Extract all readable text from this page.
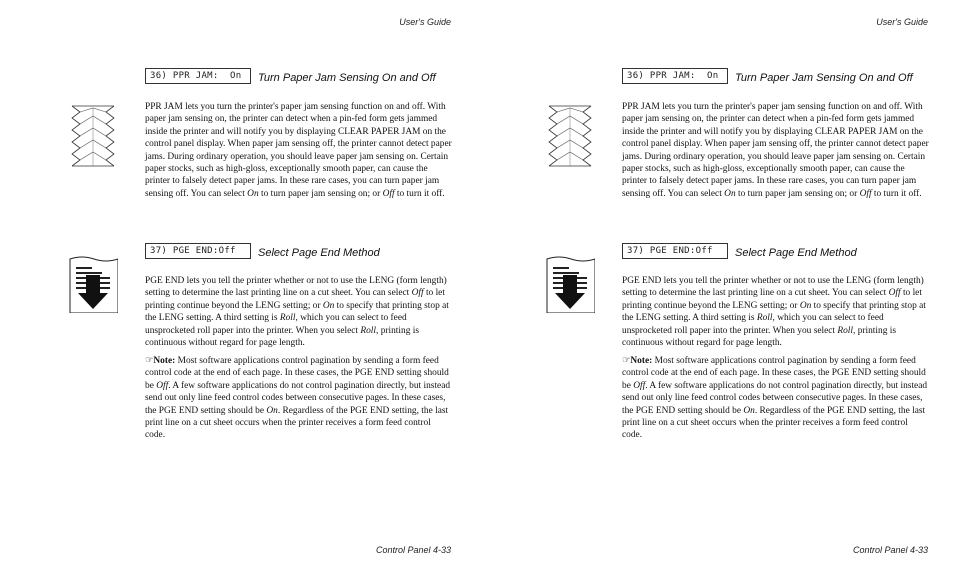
User's Guide
36) PPR JAM:  On	Turn Paper Jam Sensing On and Off

PPR JAM lets you turn the printer's paper jam sensing function on and off. With paper jam sensing on, the printer can detect when a pin-fed form gets jammed inside the printer and will notify you by displaying CLEAR PAPER JAM on the control panel display. When paper jam sensing off, the printer cannot detect paper jams. During ordinary operation, you should leave paper jam sensing on. Certain paper stocks, such as high-gloss, exceptionally smooth paper, can cause the printer to falsely detect paper jams. In these rare cases, you can turn paper jam sensing off. You can select On to turn paper jam sensing on; or Off to turn it off.

37) PGE END:Off	Select Page End Method

PGE END lets you tell the printer whether or not to use the LENG (form length) setting to determine the last printing line on a cut sheet. You can select Off to let printing continue beyond the LENG setting; or On to specify that printing stop at the LENG setting. A third setting is Roll, which you can select to feed unsprocketed roll paper into the printer. When you select Roll, printing is continuous without regard for page length.

☞Note: Most software applications control pagination by sending a form feed control code at the end of each page. In these cases, the PGE END setting should be Off. A few software applications do not control pagination directly, but instead send out only line feed control codes between consecutive pages. In these cases, the PGE END setting should be On. Regardless of the PGE END setting, the last print line on a cut sheet occurs when the printer receives a form feed control code.

Control Panel 4-33
User's Guide
36) PPR JAM:  On	Turn Paper Jam Sensing On and Off

PPR JAM lets you turn the printer's paper jam sensing function on and off. With paper jam sensing on, the printer can detect when a pin-fed form gets jammed inside the printer and will notify you by displaying CLEAR PAPER JAM on the control panel display. When paper jam sensing off, the printer cannot detect paper jams. During ordinary operation, you should leave paper jam sensing on. Certain paper stocks, such as high-gloss, exceptionally smooth paper, can cause the printer to falsely detect paper jams. In these rare cases, you can turn paper jam sensing off. You can select On to turn paper jam sensing on; or Off to turn it off.

37) PGE END:Off	Select Page End Method

PGE END lets you tell the printer whether or not to use the LENG (form length) setting to determine the last printing line on a cut sheet. You can select Off to let printing continue beyond the LENG setting; or On to specify that printing stop at the LENG setting. A third setting is Roll, which you can select to feed unsprocketed roll paper into the printer. When you select Roll, printing is continuous without regard for page length.

☞Note: Most software applications control pagination by sending a form feed control code at the end of each page. In these cases, the PGE END setting should be Off. A few software applications do not control pagination directly, but instead send out only line feed control codes between consecutive pages. In these cases, the PGE END setting should be On. Regardless of the PGE END setting, the last print line on a cut sheet occurs when the printer receives a form feed control code.

Control Panel 4-33
